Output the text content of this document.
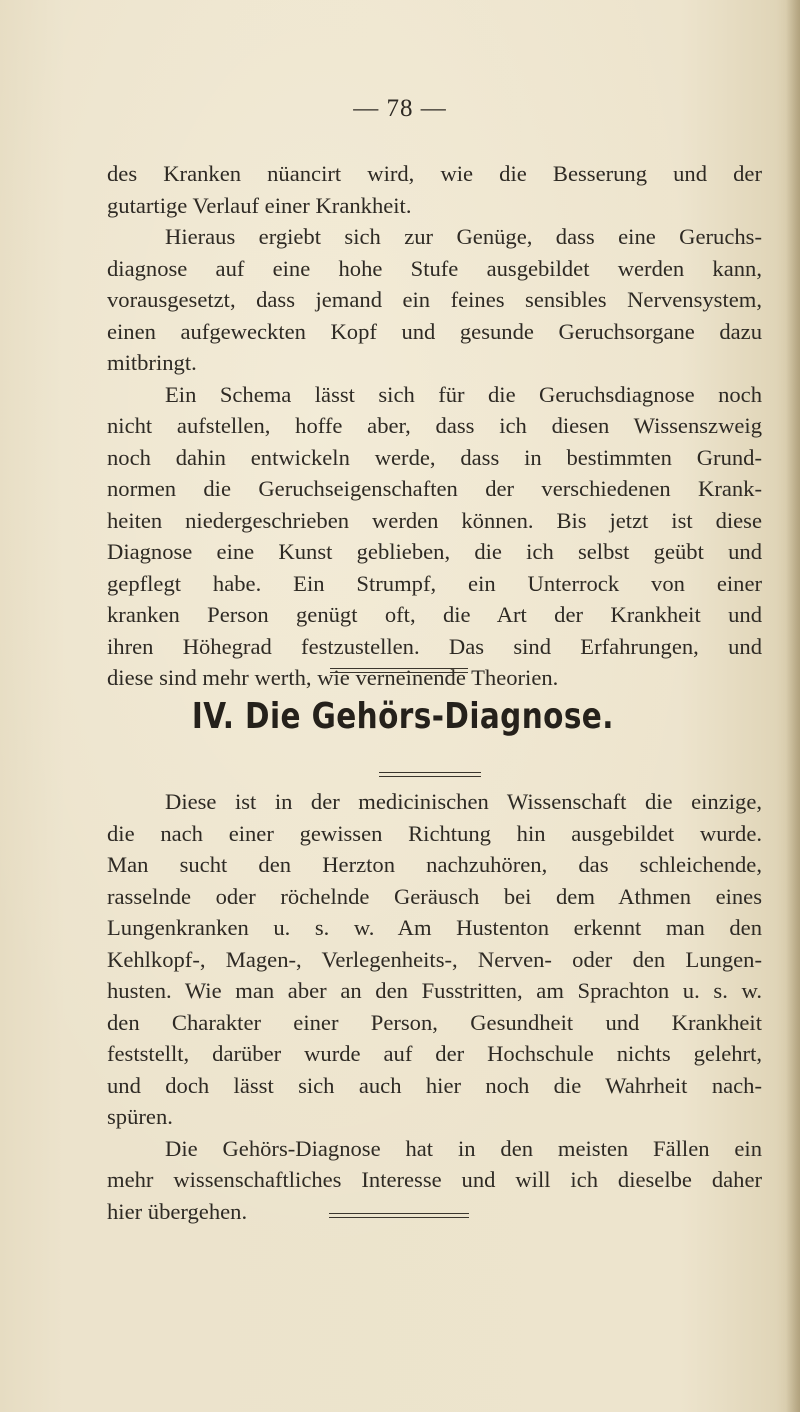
— 78 —

des Kranken nüancirt wird, wie die Besserung und der
gutartige Verlauf einer Krankheit.

Hieraus ergiebt sich zur Genüge, dass eine Geruchs-
diagnose auf eine hohe Stufe ausgebildet werden kann,
vorausgesetzt, dass jemand ein feines sensibles Nervensystem,
einen aufgeweckten Kopf und gesunde Geruchsorgane dazu
mitbringt.

Ein Schema lässt sich für die Geruchsdiagnose noch
nicht aufstellen, hoffe aber, dass ich diesen Wissenszweig
noch dahin entwickeln werde, dass in bestimmten Grund-
normen die Geruchseigenschaften der verschiedenen Krank-
heiten niedergeschrieben werden können. Bis jetzt ist diese
Diagnose eine Kunst geblieben, die ich selbst geübt und
gepflegt habe. Ein Strumpf, ein Unterrock von einer
kranken Person genügt oft, die Art der Krankheit und
ihren Höhegrad festzustellen. Das sind Erfahrungen, und
diese sind mehr werth, wie verneinende Theorien.

IV. Die Gehörs-Diagnose.

Diese ist in der medicinischen Wissenschaft die einzige,
die nach einer gewissen Richtung hin ausgebildet wurde.
Man sucht den Herzton nachzuhören, das schleichende,
rasselnde oder röchelnde Geräusch bei dem Athmen eines
Lungenkranken u. s. w. Am Hustenton erkennt man den
Kehlkopf-, Magen-, Verlegenheits-, Nerven- oder den Lungen-
husten. Wie man aber an den Fusstritten, am Sprachton u. s. w.
den Charakter einer Person, Gesundheit und Krankheit
feststellt, darüber wurde auf der Hochschule nichts gelehrt,
und doch lässt sich auch hier noch die Wahrheit nach-
spüren.

Die Gehörs-Diagnose hat in den meisten Fällen ein
mehr wissenschaftliches Interesse und will ich dieselbe daher
hier übergehen.
